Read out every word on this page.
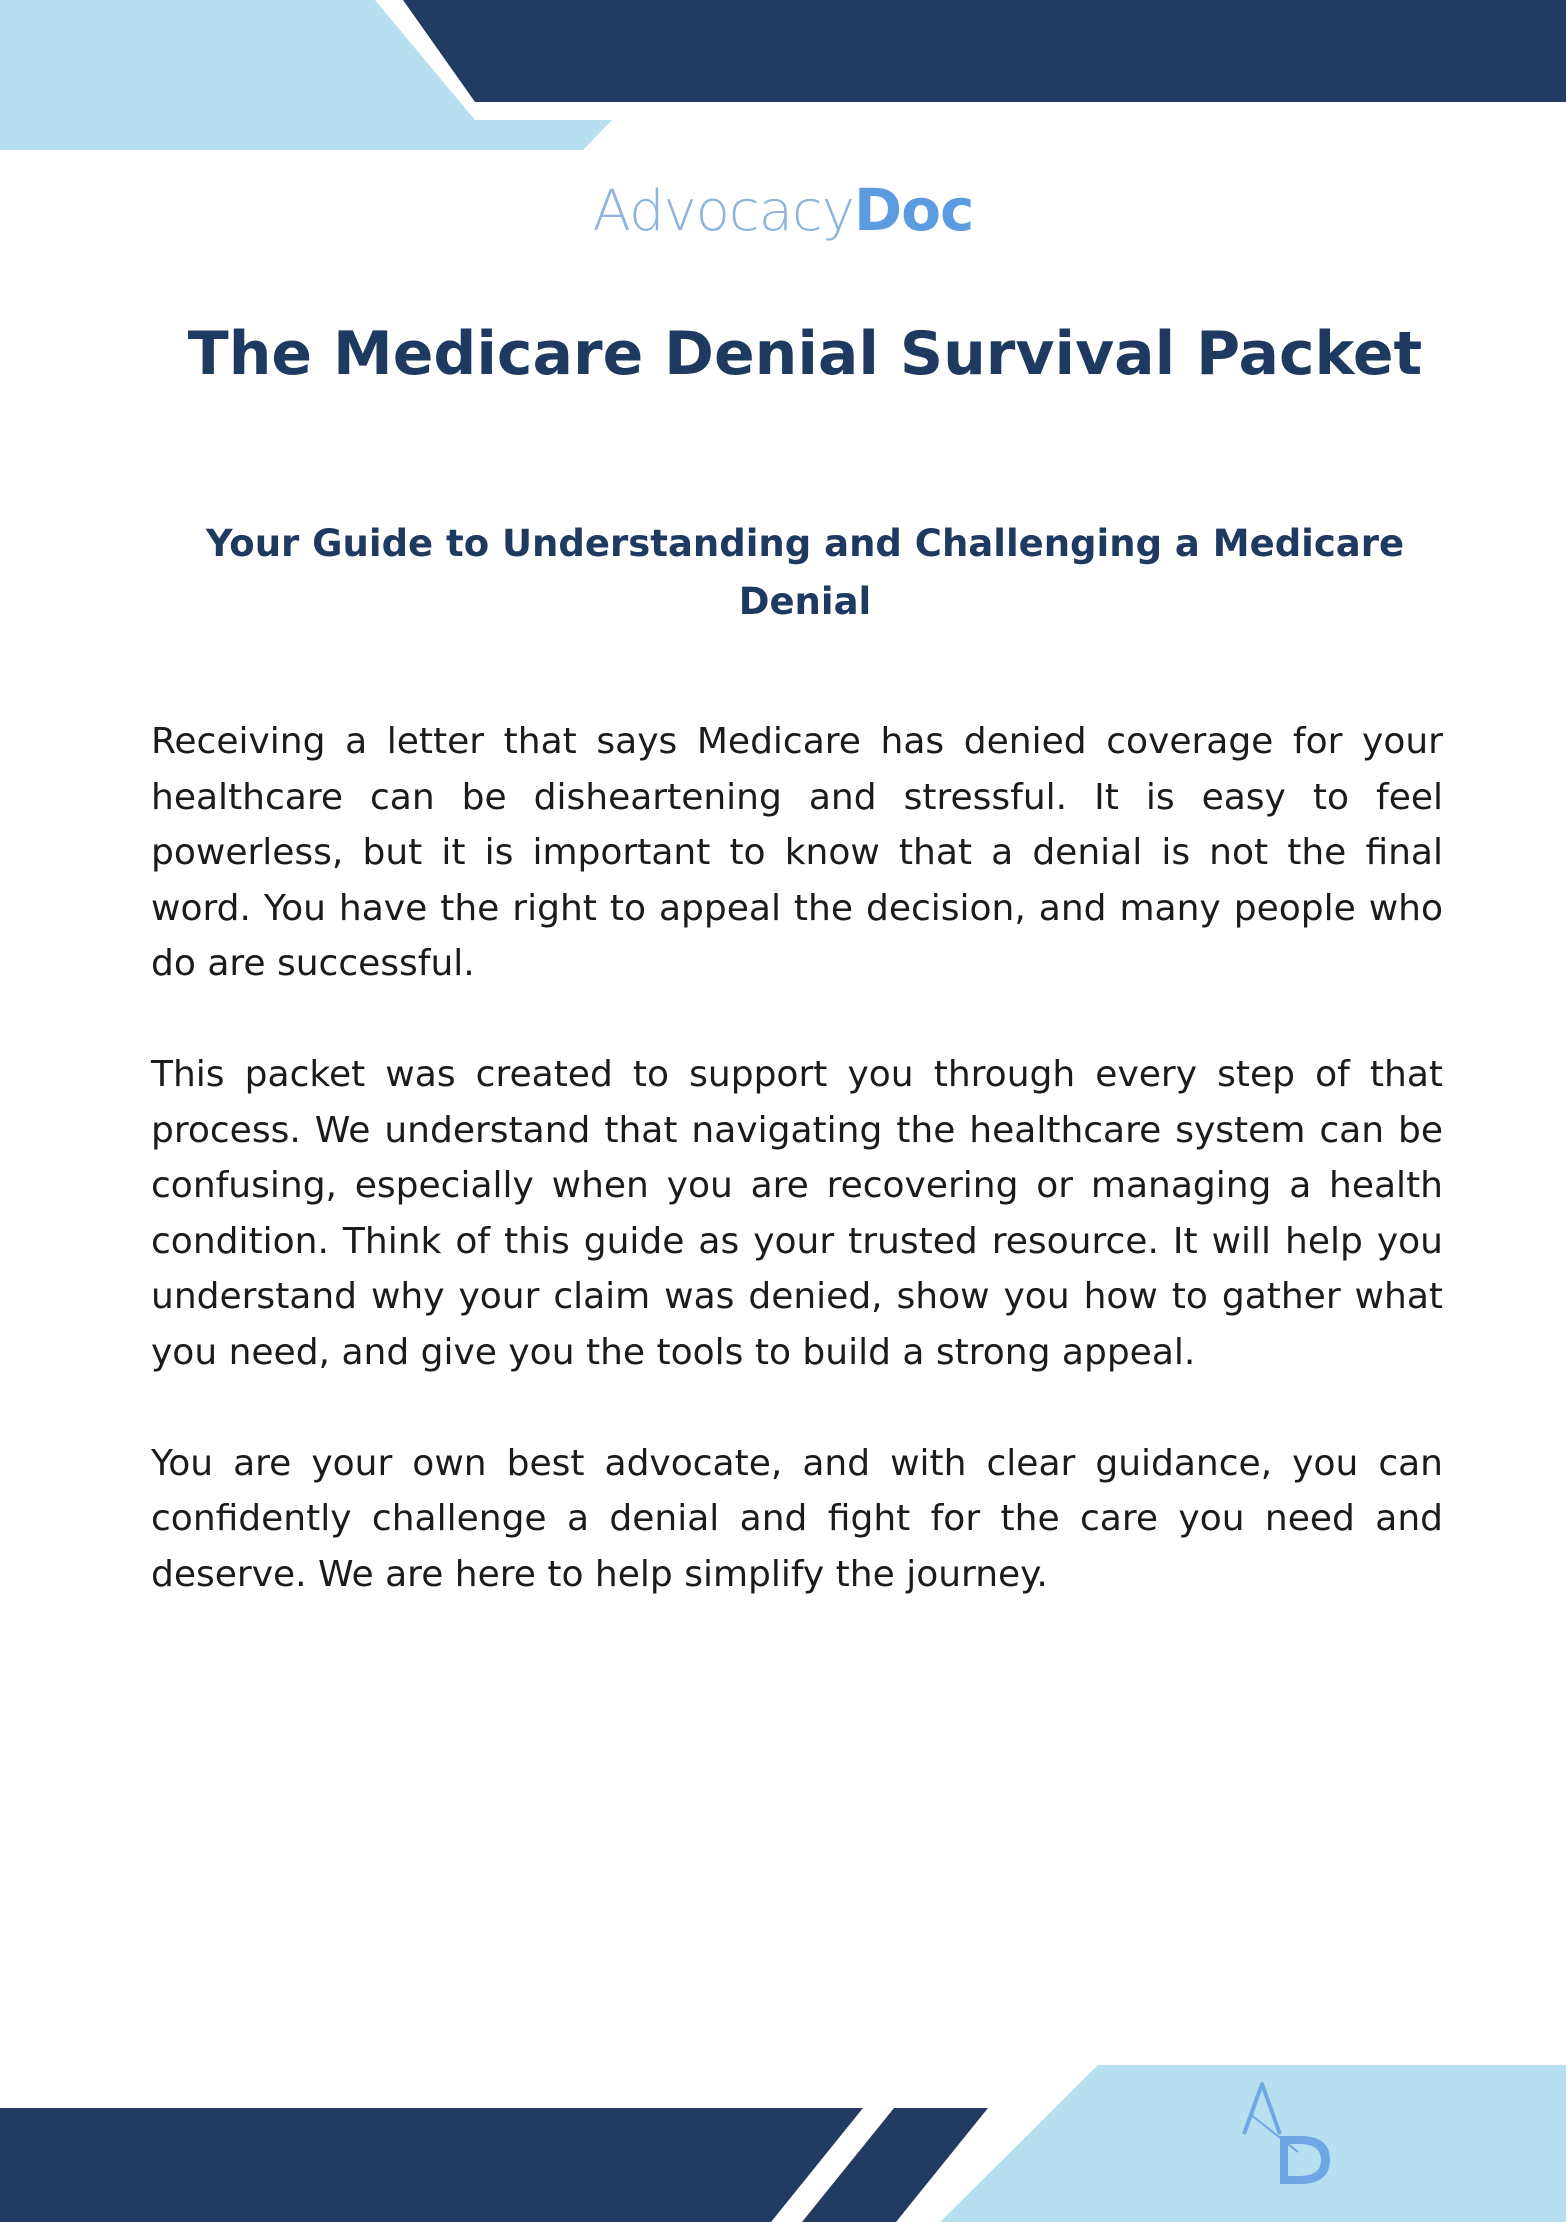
AdvocacyDoc
The Medicare Denial Survival Packet
Your Guide to Understanding and Challenging a Medicare Denial

Receiving a letter that says Medicare has denied coverage for your healthcare can be disheartening and stressful. It is easy to feel powerless, but it is important to know that a denial is not the final word. You have the right to appeal the decision, and many people who do are successful.

This packet was created to support you through every step of that process. We understand that navigating the healthcare system can be confusing, especially when you are recovering or managing a health condition. Think of this guide as your trusted resource. It will help you understand why your claim was denied, show you how to gather what you need, and give you the tools to build a strong appeal.

You are your own best advocate, and with clear guidance, you can confidently challenge a denial and fight for the care you need and deserve. We are here to help simplify the journey.
